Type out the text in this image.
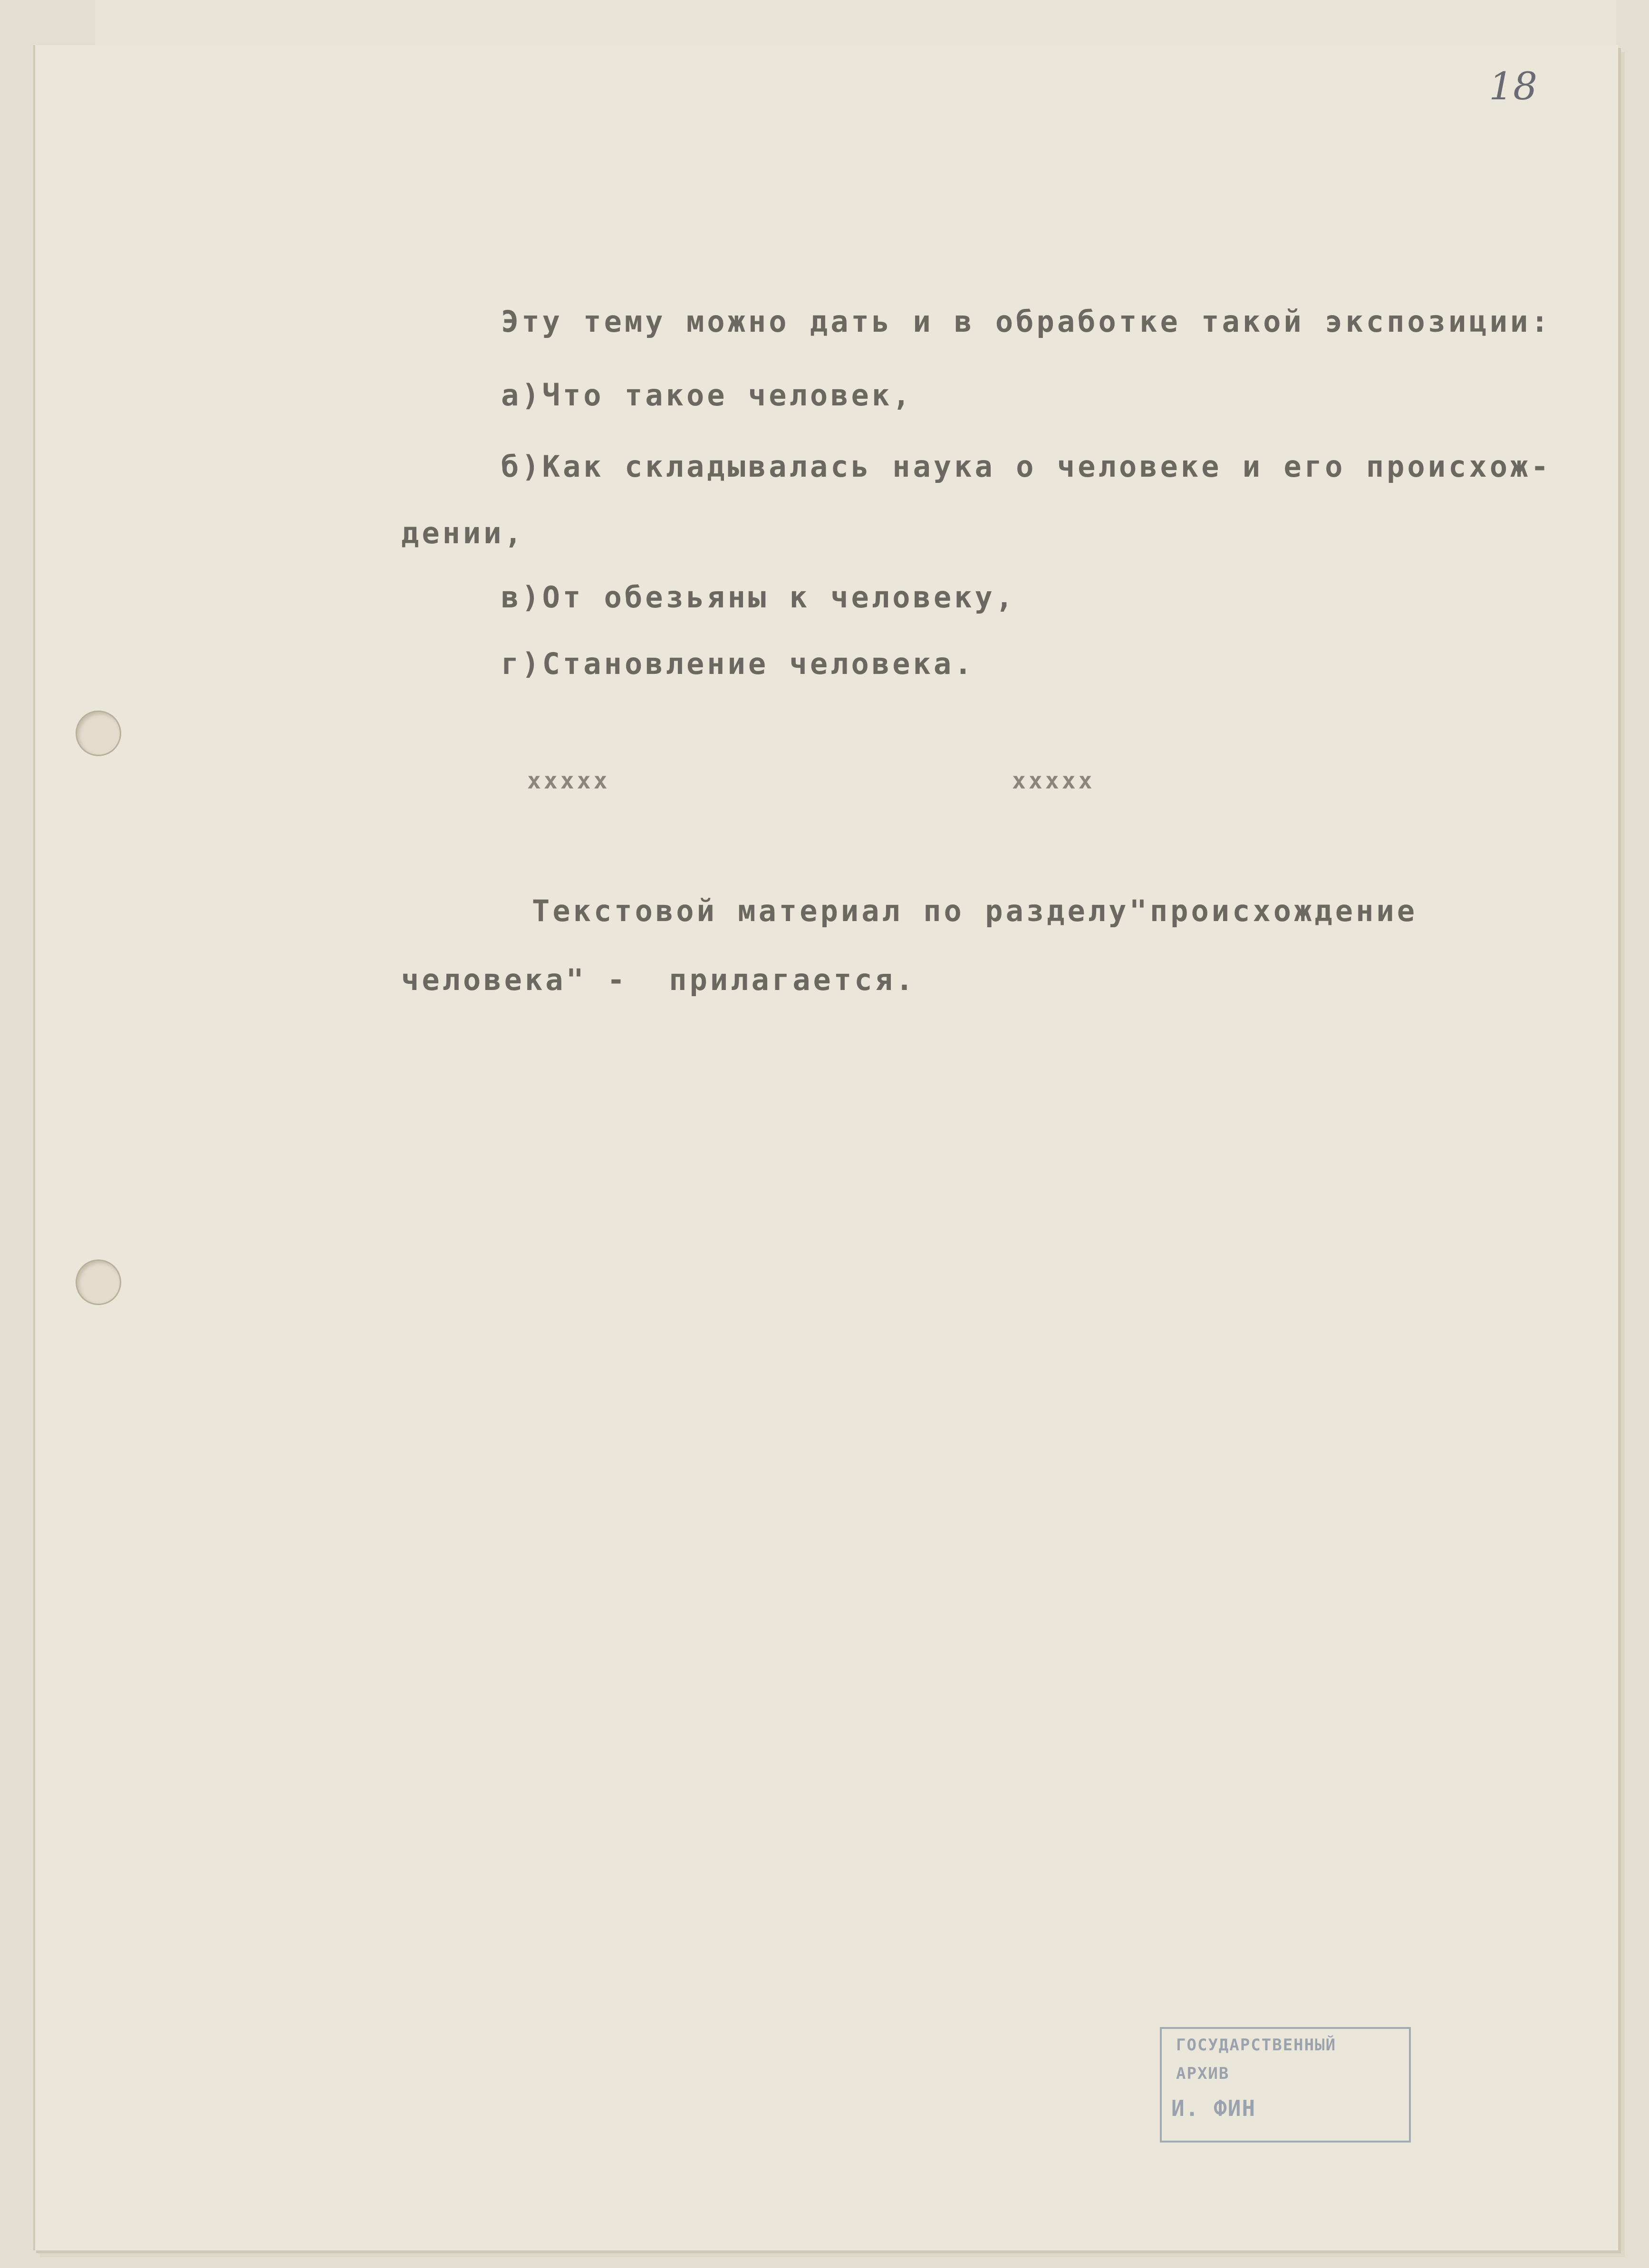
18
Эту тему можно дать и в обработке такой экспозиции:
а)Что такое человек,
б)Как складывалась наука о человеке и его происхож-
дении,
в)От обезьяны к человеку,
г)Становление человека.
ххххх	ххххх
Текстовой материал по разделу"происхождение
человека" -  прилагается.
ГОСУДАРСТВЕННЫЙ
АРХИВ
И. ФИН
